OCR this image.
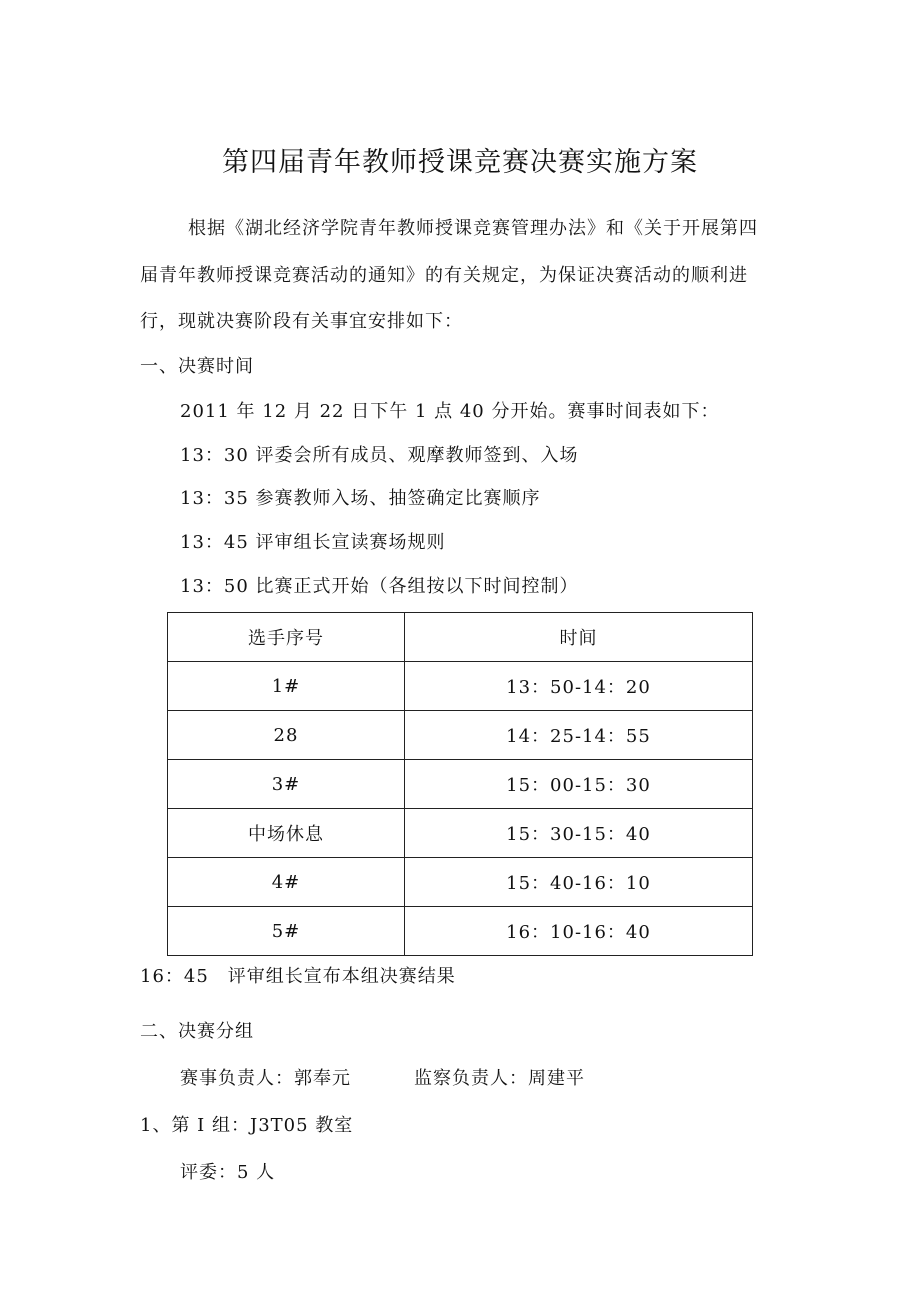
第四届青年教师授课竞赛决赛实施方案
根据《湖北经济学院青年教师授课竞赛管理办法》和《关于开展第四
届青年教师授课竞赛活动的通知》的有关规定，为保证决赛活动的顺利进
行，现就决赛阶段有关事宜安排如下：
一、决赛时间
2011 年 12 月 22 日下午 1 点 40 分开始。赛事时间表如下：
13：30 评委会所有成员、观摩教师签到、入场
13：35 参赛教师入场、抽签确定比赛顺序
13：45 评审组长宣读赛场规则
13：50 比赛正式开始（各组按以下时间控制）
选手序号	时间
1#	13：50-14：20
28	14：25-14：55
3#	15：00-15：30
中场休息	15：30-15：40
4#	15：40-16：10
5#	16：10-16：40
16：45　评审组长宣布本组决赛结果
二、决赛分组
赛事负责人：郭奉元	监察负责人：周建平
1、第 I 组：J3T05 教室
评委：5 人
